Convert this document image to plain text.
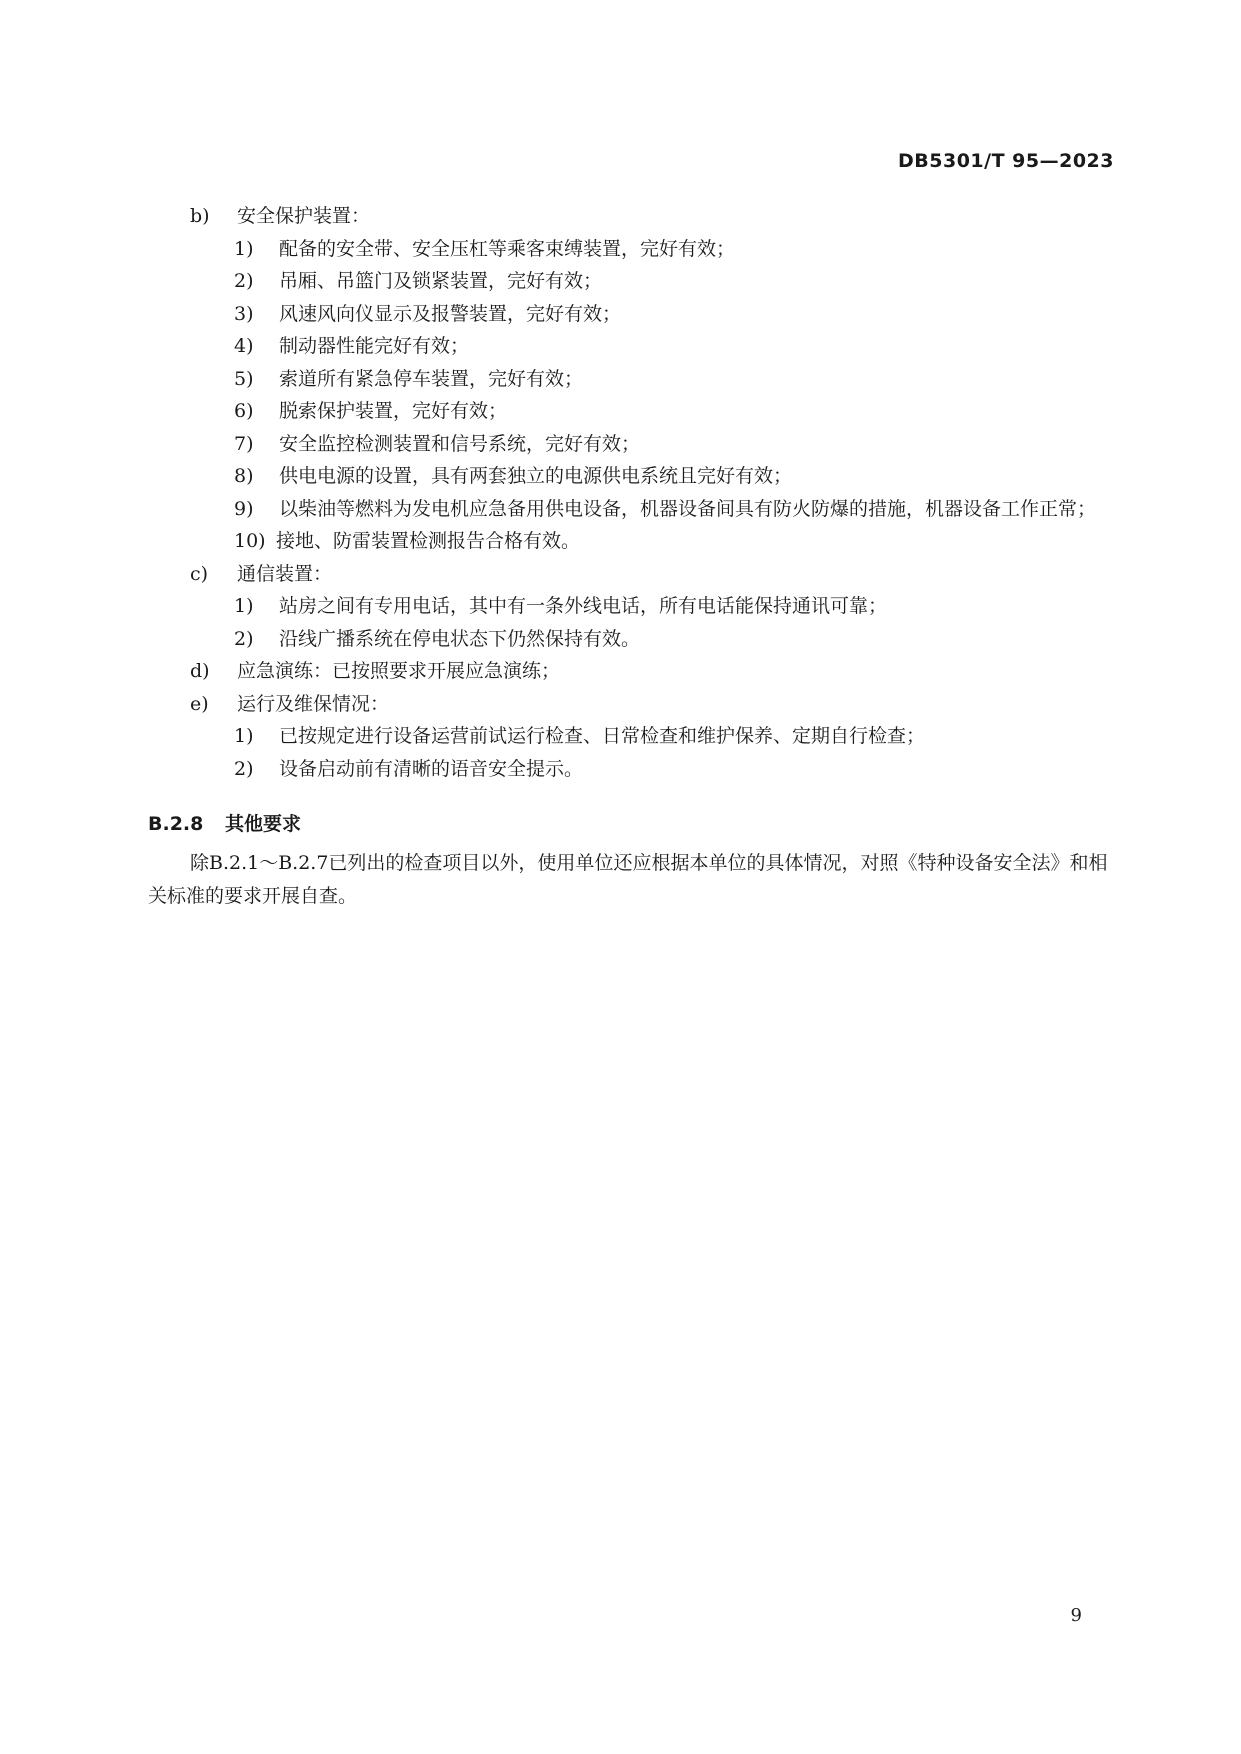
DB5301/T 95—2023
b)	安全保护装置：
1)	配备的安全带、安全压杠等乘客束缚装置，完好有效；
2)	吊厢、吊篮门及锁紧装置，完好有效；
3)	风速风向仪显示及报警装置，完好有效；
4)	制动器性能完好有效；
5)	索道所有紧急停车装置，完好有效；
6)	脱索保护装置，完好有效；
7)	安全监控检测装置和信号系统，完好有效；
8)	供电电源的设置，具有两套独立的电源供电系统且完好有效；
9)	以柴油等燃料为发电机应急备用供电设备，机器设备间具有防火防爆的措施，机器设备工作正常；
10) 接地、防雷装置检测报告合格有效。
c)	通信装置：
1)	站房之间有专用电话，其中有一条外线电话，所有电话能保持通讯可靠；
2)	沿线广播系统在停电状态下仍然保持有效。
d)	应急演练：已按照要求开展应急演练；
e)	运行及维保情况：
1)	已按规定进行设备运营前试运行检查、日常检查和维护保养、定期自行检查；
2)	设备启动前有清晰的语音安全提示。
B.2.8 其他要求
除B.2.1～B.2.7已列出的检查项目以外，使用单位还应根据本单位的具体情况，对照《特种设备安全法》和相关标准的要求开展自查。
9
